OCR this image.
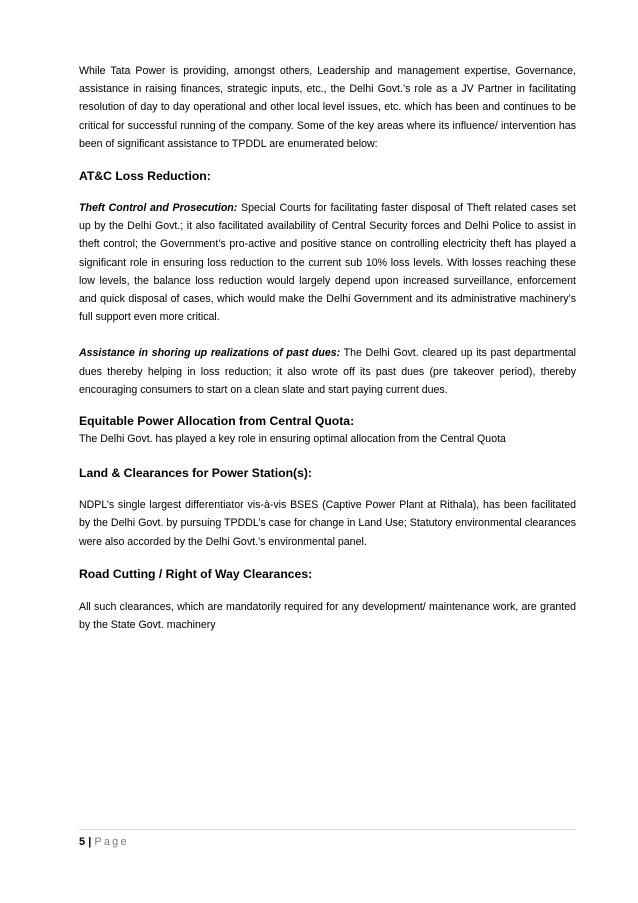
While Tata Power is providing, amongst others, Leadership and management expertise, Governance, assistance in raising finances, strategic inputs, etc., the Delhi Govt.’s role as a JV Partner in facilitating resolution of day to day operational and other local level issues, etc. which has been and continues to be critical for successful running of the company. Some of the key areas where its influence/ intervention has been of significant assistance to TPDDL are enumerated below:

AT&C Loss Reduction:

Theft Control and Prosecution: Special Courts for facilitating faster disposal of Theft related cases set up by the Delhi Govt.; it also facilitated availability of Central Security forces and Delhi Police to assist in theft control; the Government’s pro-active and positive stance on controlling electricity theft has played a significant role in ensuring loss reduction to the current sub 10% loss levels. With losses reaching these low levels, the balance loss reduction would largely depend upon increased surveillance, enforcement and quick disposal of cases, which would make the Delhi Government and its administrative machinery’s full support even more critical.

Assistance in shoring up realizations of past dues: The Delhi Govt. cleared up its past departmental dues thereby helping in loss reduction; it also wrote off its past dues (pre takeover period), thereby encouraging consumers to start on a clean slate and start paying current dues.

Equitable Power Allocation from Central Quota:

The Delhi Govt. has played a key role in ensuring optimal allocation from the Central Quota

Land & Clearances for Power Station(s):

NDPL’s single largest differentiator vis-à-vis BSES (Captive Power Plant at Rithala), has been facilitated by the Delhi Govt. by pursuing TPDDL’s case for change in Land Use; Statutory environmental clearances were also accorded by the Delhi Govt.’s environmental panel.

Road Cutting / Right of Way Clearances:

All such clearances, which are mandatorily required for any development/ maintenance work, are granted by the State Govt. machinery

5 | Page
